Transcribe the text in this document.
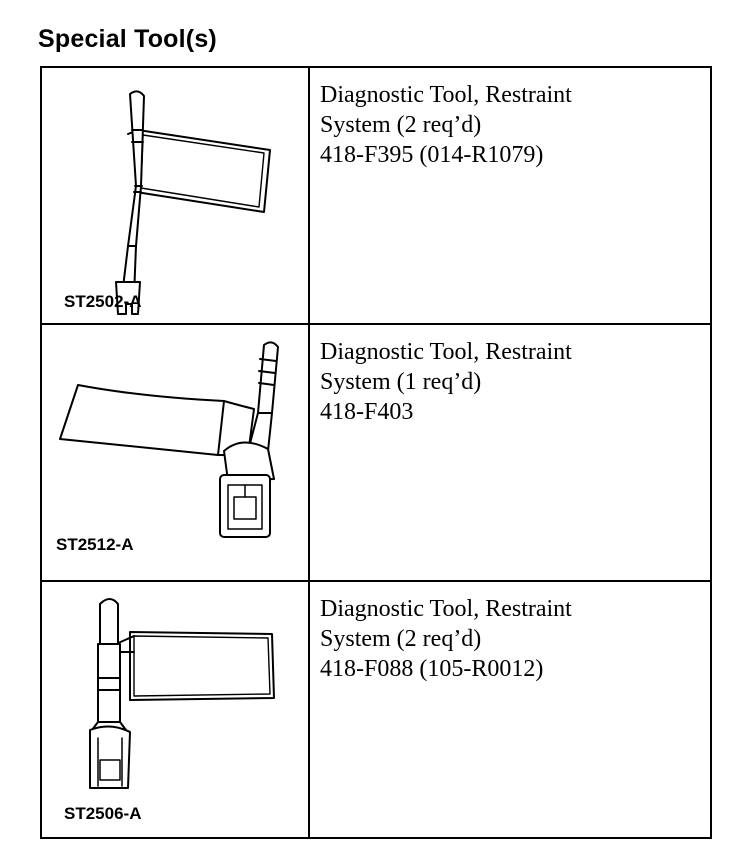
Special Tool(s)
ST2502-A	Diagnostic Tool, Restraint
System (2 req’d)
418-F395 (014-R1079)

ST2512-A	Diagnostic Tool, Restraint
System (1 req’d)
418-F403

ST2506-A	Diagnostic Tool, Restraint
System (2 req’d)
418-F088 (105-R0012)
